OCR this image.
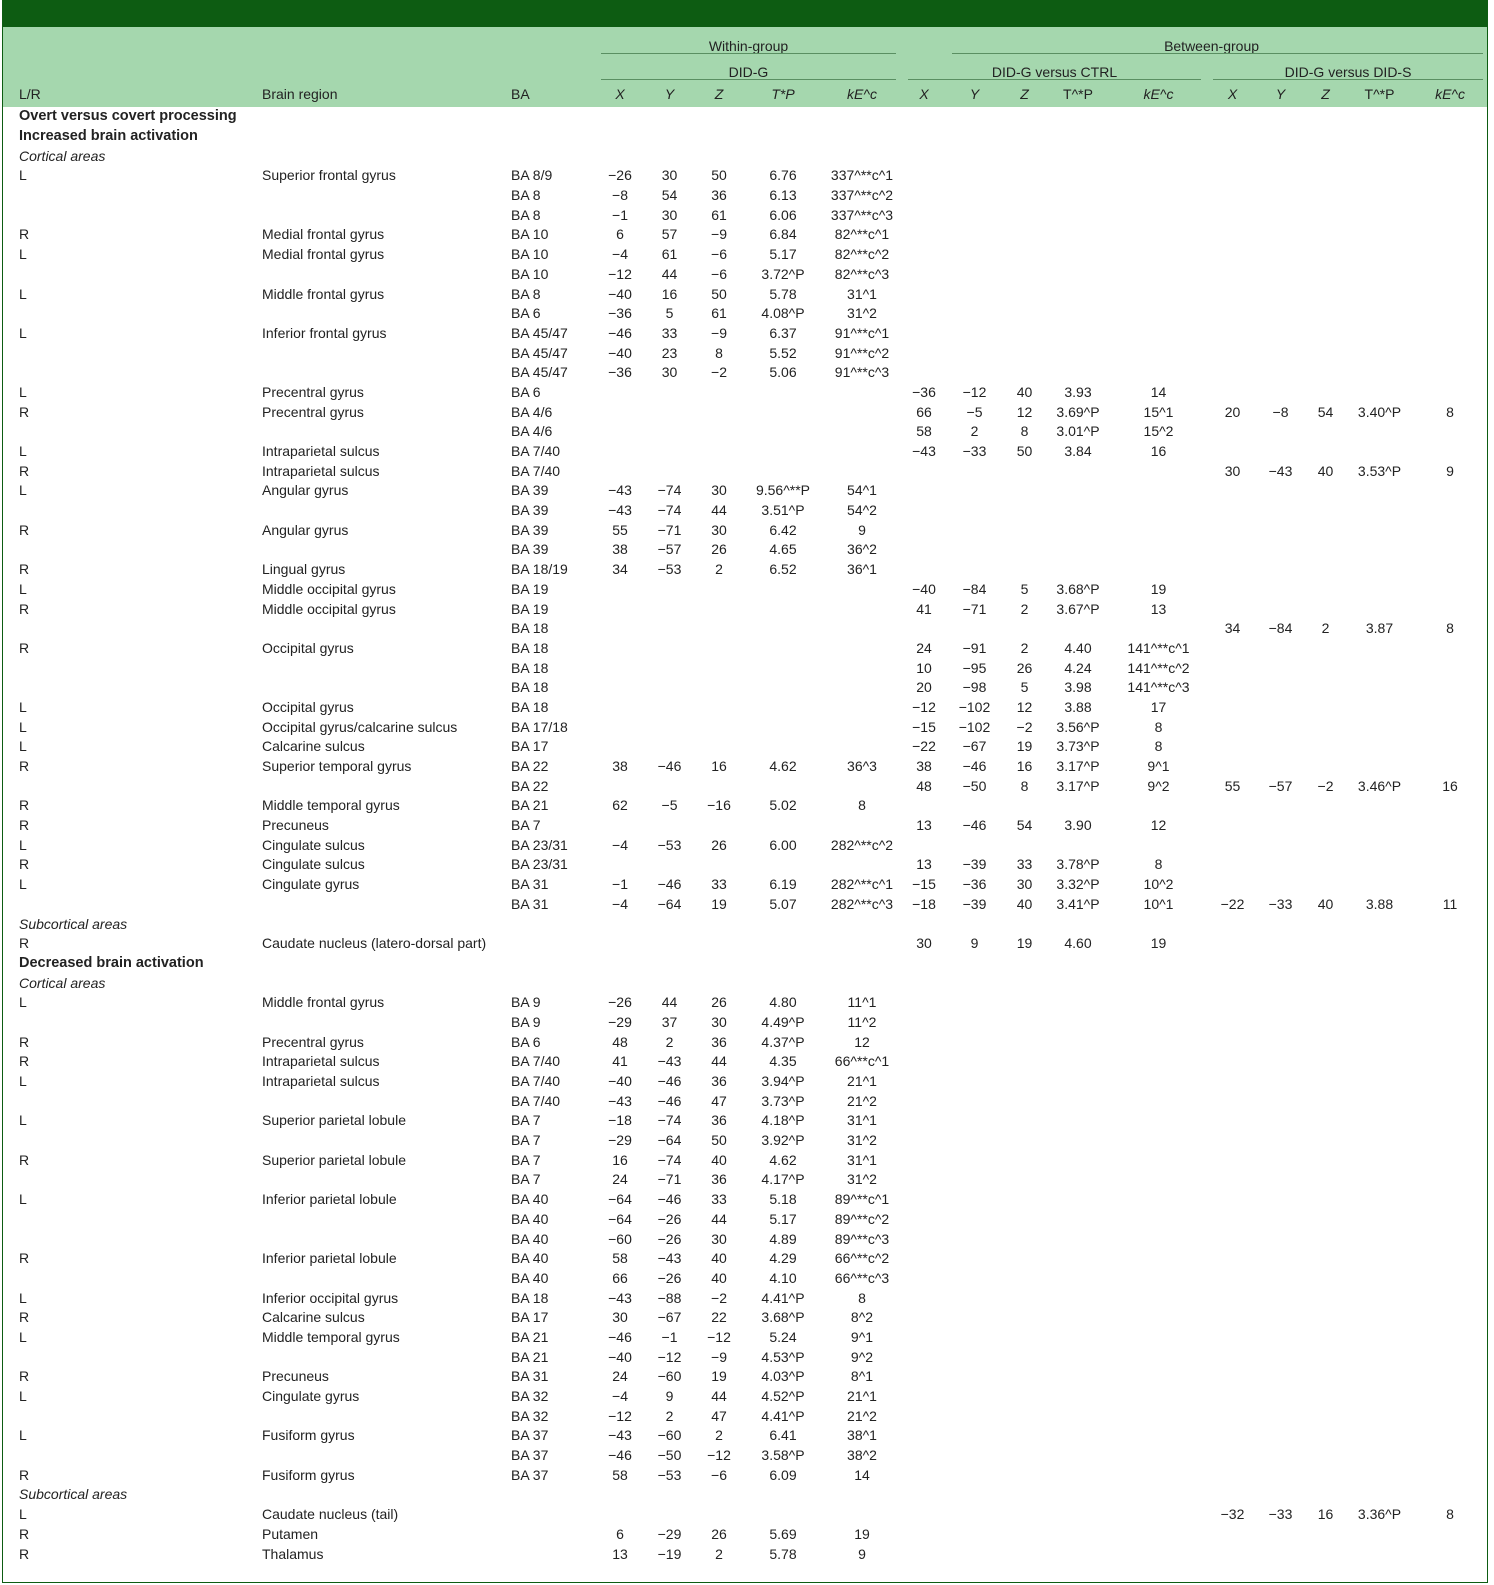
			Within-group						Between-group								

			DID-G					DID-G versus CTRL					DID-G versus DID-S				

L/R	Brain region	BA	X	Y	Z	T*P	kE^c	X	Y	Z	T^*P	kE^c	X	Y	Z	T^*P	kE^c
Overt versus covert processing																	
Increased brain activation																	
Cortical areas																	
L	Superior frontal gyrus	BA 8/9	−26	30	50	6.76	337^**c^1										
		BA 8	−8	54	36	6.13	337^**c^2										
		BA 8	−1	30	61	6.06	337^**c^3										
R	Medial frontal gyrus	BA 10	6	57	−9	6.84	82^**c^1										
L	Medial frontal gyrus	BA 10	−4	61	−6	5.17	82^**c^2										
		BA 10	−12	44	−6	3.72^P	82^**c^3										
L	Middle frontal gyrus	BA 8	−40	16	50	5.78	31^1										
		BA 6	−36	5	61	4.08^P	31^2										
L	Inferior frontal gyrus	BA 45/47	−46	33	−9	6.37	91^**c^1										
		BA 45/47	−40	23	8	5.52	91^**c^2										
		BA 45/47	−36	30	−2	5.06	91^**c^3										
L	Precentral gyrus	BA 6						−36	−12	40	3.93	14					
R	Precentral gyrus	BA 4/6						66	−5	12	3.69^P	15^1	20	−8	54	3.40^P	8
		BA 4/6						58	2	8	3.01^P	15^2					
L	Intraparietal sulcus	BA 7/40						−43	−33	50	3.84	16					
R	Intraparietal sulcus	BA 7/40											30	−43	40	3.53^P	9
L	Angular gyrus	BA 39	−43	−74	30	9.56^**P	54^1										
		BA 39	−43	−74	44	3.51^P	54^2										
R	Angular gyrus	BA 39	55	−71	30	6.42	9										
		BA 39	38	−57	26	4.65	36^2										
R	Lingual gyrus	BA 18/19	34	−53	2	6.52	36^1										
L	Middle occipital gyrus	BA 19						−40	−84	5	3.68^P	19					
R	Middle occipital gyrus	BA 19						41	−71	2	3.67^P	13					
		BA 18											34	−84	2	3.87	8
R	Occipital gyrus	BA 18						24	−91	2	4.40	141^**c^1					
		BA 18						10	−95	26	4.24	141^**c^2					
		BA 18						20	−98	5	3.98	141^**c^3					
L	Occipital gyrus	BA 18						−12	−102	12	3.88	17					
L	Occipital gyrus/calcarine sulcus	BA 17/18						−15	−102	−2	3.56^P	8					
L	Calcarine sulcus	BA 17						−22	−67	19	3.73^P	8					
R	Superior temporal gyrus	BA 22	38	−46	16	4.62	36^3	38	−46	16	3.17^P	9^1					
		BA 22						48	−50	8	3.17^P	9^2	55	−57	−2	3.46^P	16
R	Middle temporal gyrus	BA 21	62	−5	−16	5.02	8										
R	Precuneus	BA 7						13	−46	54	3.90	12					
L	Cingulate sulcus	BA 23/31	−4	−53	26	6.00	282^**c^2										
R	Cingulate sulcus	BA 23/31						13	−39	33	3.78^P	8					
L	Cingulate gyrus	BA 31	−1	−46	33	6.19	282^**c^1	−15	−36	30	3.32^P	10^2					
		BA 31	−4	−64	19	5.07	282^**c^3	−18	−39	40	3.41^P	10^1	−22	−33	40	3.88	11
Subcortical areas																	
R	Caudate nucleus (latero-dorsal part)							30	9	19	4.60	19					
Decreased brain activation																	
Cortical areas																	
L	Middle frontal gyrus	BA 9	−26	44	26	4.80	11^1										
		BA 9	−29	37	30	4.49^P	11^2										
R	Precentral gyrus	BA 6	48	2	36	4.37^P	12										
R	Intraparietal sulcus	BA 7/40	41	−43	44	4.35	66^**c^1										
L	Intraparietal sulcus	BA 7/40	−40	−46	36	3.94^P	21^1										
		BA 7/40	−43	−46	47	3.73^P	21^2										
L	Superior parietal lobule	BA 7	−18	−74	36	4.18^P	31^1										
		BA 7	−29	−64	50	3.92^P	31^2										
R	Superior parietal lobule	BA 7	16	−74	40	4.62	31^1										
		BA 7	24	−71	36	4.17^P	31^2										
L	Inferior parietal lobule	BA 40	−64	−46	33	5.18	89^**c^1										
		BA 40	−64	−26	44	5.17	89^**c^2										
		BA 40	−60	−26	30	4.89	89^**c^3										
R	Inferior parietal lobule	BA 40	58	−43	40	4.29	66^**c^2										
		BA 40	66	−26	40	4.10	66^**c^3										
L	Inferior occipital gyrus	BA 18	−43	−88	−2	4.41^P	8										
R	Calcarine sulcus	BA 17	30	−67	22	3.68^P	8^2										
L	Middle temporal gyrus	BA 21	−46	−1	−12	5.24	9^1										
		BA 21	−40	−12	−9	4.53^P	9^2										
R	Precuneus	BA 31	24	−60	19	4.03^P	8^1										
L	Cingulate gyrus	BA 32	−4	9	44	4.52^P	21^1										
		BA 32	−12	2	47	4.41^P	21^2										
L	Fusiform gyrus	BA 37	−43	−60	2	6.41	38^1										
		BA 37	−46	−50	−12	3.58^P	38^2										
R	Fusiform gyrus	BA 37	58	−53	−6	6.09	14										
Subcortical areas																	
L	Caudate nucleus (tail)												−32	−33	16	3.36^P	8
R	Putamen		6	−29	26	5.69	19										
R	Thalamus		13	−19	2	5.78	9										
